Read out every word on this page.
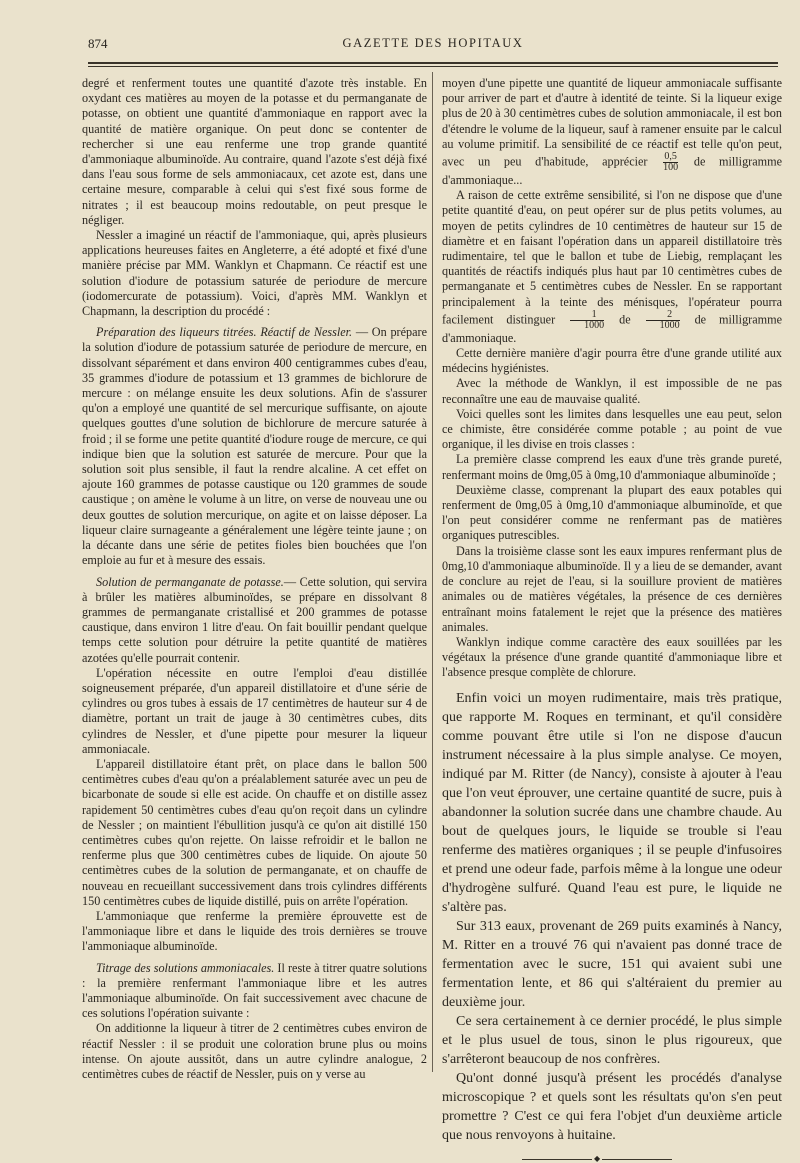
874	GAZETTE DES HOPITAUX

degré et renferment toutes une quantité d'azote très instable. En oxydant ces matières au moyen de la potasse et du permanganate de potasse, on obtient une quantité d'ammoniaque en rapport avec la quantité de matière organique. On peut donc se contenter de rechercher si une eau renferme une trop grande quantité d'ammoniaque albuminoïde. Au contraire, quand l'azote s'est déjà fixé dans l'eau sous forme de sels ammoniacaux, cet azote est, dans une certaine mesure, comparable à celui qui s'est fixé sous forme de nitrates ; il est beaucoup moins redoutable, on peut presque le négliger.

Nessler a imaginé un réactif de l'ammoniaque, qui, après plusieurs applications heureuses faites en Angleterre, a été adopté et fixé d'une manière précise par MM. Wanklyn et Chapmann. Ce réactif est une solution d'iodure de potassium saturée de periodure de mercure (iodomercurate de potassium). Voici, d'après MM. Wanklyn et Chapmann, la description du procédé :

Préparation des liqueurs titrées. Réactif de Nessler. — On prépare la solution d'iodure de potassium saturée de periodure de mercure, en dissolvant séparément et dans environ 400 centigrammes cubes d'eau, 35 grammes d'iodure de potassium et 13 grammes de bichlorure de mercure : on mélange ensuite les deux solutions. Afin de s'assurer qu'on a employé une quantité de sel mercurique suffisante, on ajoute quelques gouttes d'une solution de bichlorure de mercure saturée à froid ; il se forme une petite quantité d'iodure rouge de mercure, ce qui indique bien que la solution est saturée de mercure. Pour que la solution soit plus sensible, il faut la rendre alcaline. A cet effet on ajoute 160 grammes de potasse caustique ou 120 grammes de soude caustique ; on amène le volume à un litre, on verse de nouveau une ou deux gouttes de solution mercurique, on agite et on laisse déposer. La liqueur claire surnageante a généralement une légère teinte jaune ; on la décante dans une série de petites fioles bien bouchées que l'on emploie au fur et à mesure des essais.

Solution de permanganate de potasse.— Cette solution, qui servira à brûler les matières albuminoïdes, se prépare en dissolvant 8 grammes de permanganate cristallisé et 200 grammes de potasse caustique, dans environ 1 litre d'eau. On fait bouillir pendant quelque temps cette solution pour détruire la petite quantité de matières azotées qu'elle pourrait contenir.

L'opération nécessite en outre l'emploi d'eau distillée soigneusement préparée, d'un appareil distillatoire et d'une série de cylindres ou gros tubes à essais de 17 centimètres de hauteur sur 4 de diamètre, portant un trait de jauge à 30 centimètres cubes, dits cylindres de Nessler, et d'une pipette pour mesurer la liqueur ammoniacale.

L'appareil distillatoire étant prêt, on place dans le ballon 500 centimètres cubes d'eau qu'on a préalablement saturée avec un peu de bicarbonate de soude si elle est acide. On chauffe et on distille assez rapidement 50 centimètres cubes d'eau qu'on reçoit dans un cylindre de Nessler ; on maintient l'ébullition jusqu'à ce qu'on ait distillé 150 centimètres cubes qu'on rejette. On laisse refroidir et le ballon ne renferme plus que 300 centimètres cubes de liquide. On ajoute 50 centimètres cubes de la solution de permanganate, et on chauffe de nouveau en recueillant successivement dans trois cylindres différents 150 centimètres cubes de liquide distillé, puis on arrête l'opération.

L'ammoniaque que renferme la première éprouvette est de l'ammoniaque libre et dans le liquide des trois dernières se trouve l'ammoniaque albuminoïde.

Titrage des solutions ammoniacales. Il reste à titrer quatre solutions : la première renfermant l'ammoniaque libre et les autres l'ammoniaque albuminoïde. On fait successivement avec chacune de ces solutions l'opération suivante :

On additionne la liqueur à titrer de 2 centimètres cubes environ de réactif Nessler : il se produit une coloration brune plus ou moins intense. On ajoute aussitôt, dans un autre cylindre analogue, 2 centimètres cubes de réactif de Nessler, puis on y verse au

moyen d'une pipette une quantité de liqueur ammoniacale suffisante pour arriver de part et d'autre à identité de teinte. Si la liqueur exige plus de 20 à 30 centimètres cubes de solution ammoniacale, il est bon d'étendre le volume de la liqueur, sauf à ramener ensuite par le calcul au volume primitif. La sensibilité de ce réactif est telle qu'on peut, avec un peu d'habitude, apprécier $\frac{0,5}{100}$ de milligramme d'ammoniaque...

A raison de cette extrême sensibilité, si l'on ne dispose que d'une petite quantité d'eau, on peut opérer sur de plus petits volumes, au moyen de petits cylindres de 10 centimètres de hauteur sur 15 de diamètre et en faisant l'opération dans un appareil distillatoire très rudimentaire, tel que le ballon et tube de Liebig, remplaçant les quantités de réactifs indiqués plus haut par 10 centimètres cubes de permanganate et 5 centimètres cubes de Nessler. En se rapportant principalement à la teinte des ménisques, l'opérateur pourra facilement distinguer $\frac{1}{1000}$ de $\frac{2}{1000}$ de milligramme d'ammoniaque.

Cette dernière manière d'agir pourra être d'une grande utilité aux médecins hygiénistes.

Avec la méthode de Wanklyn, il est impossible de ne pas reconnaître une eau de mauvaise qualité.

Voici quelles sont les limites dans lesquelles une eau peut, selon ce chimiste, être considérée comme potable ; au point de vue organique, il les divise en trois classes :

La première classe comprend les eaux d'une très grande pureté, renfermant moins de 0mg,05 à 0mg,10 d'ammoniaque albuminoïde ;

Deuxième classe, comprenant la plupart des eaux potables qui renferment de 0mg,05 à 0mg,10 d'ammoniaque albuminoïde, et que l'on peut considérer comme ne renfermant pas de matières organiques putrescibles.

Dans la troisième classe sont les eaux impures renfermant plus de 0mg,10 d'ammoniaque albuminoïde. Il y a lieu de se demander, avant de conclure au rejet de l'eau, si la souillure provient de matières animales ou de matières végétales, la présence de ces dernières entraînant moins fatalement le rejet que la présence des matières animales.

Wanklyn indique comme caractère des eaux souillées par les végétaux la présence d'une grande quantité d'ammoniaque libre et l'absence presque complète de chlorure.

Enfin voici un moyen rudimentaire, mais très pratique, que rapporte M. Roques en terminant, et qu'il considère comme pouvant être utile si l'on ne dispose d'aucun instrument nécessaire à la plus simple analyse. Ce moyen, indiqué par M. Ritter (de Nancy), consiste à ajouter à l'eau que l'on veut éprouver, une certaine quantité de sucre, puis à abandonner la solution sucrée dans une chambre chaude. Au bout de quelques jours, le liquide se trouble si l'eau renferme des matières organiques ; il se peuple d'infusoires et prend une odeur fade, parfois même à la longue une odeur d'hydrogène sulfuré. Quand l'eau est pure, le liquide ne s'altère pas.

Sur 313 eaux, provenant de 269 puits examinés à Nancy, M. Ritter en a trouvé 76 qui n'avaient pas donné trace de fermentation avec le sucre, 151 qui avaient subi une fermentation lente, et 86 qui s'altéraient du premier au deuxième jour.

Ce sera certainement à ce dernier procédé, le plus simple et le plus usuel de tous, sinon le plus rigoureux, que s'arrêteront beaucoup de nos confrères.

Qu'ont donné jusqu'à présent les procédés d'analyse microscopique ? et quels sont les résultats qu'on s'en peut promettre ? C'est ce qui fera l'objet d'un deuxième article que nous renvoyons à huitaine.

◆
